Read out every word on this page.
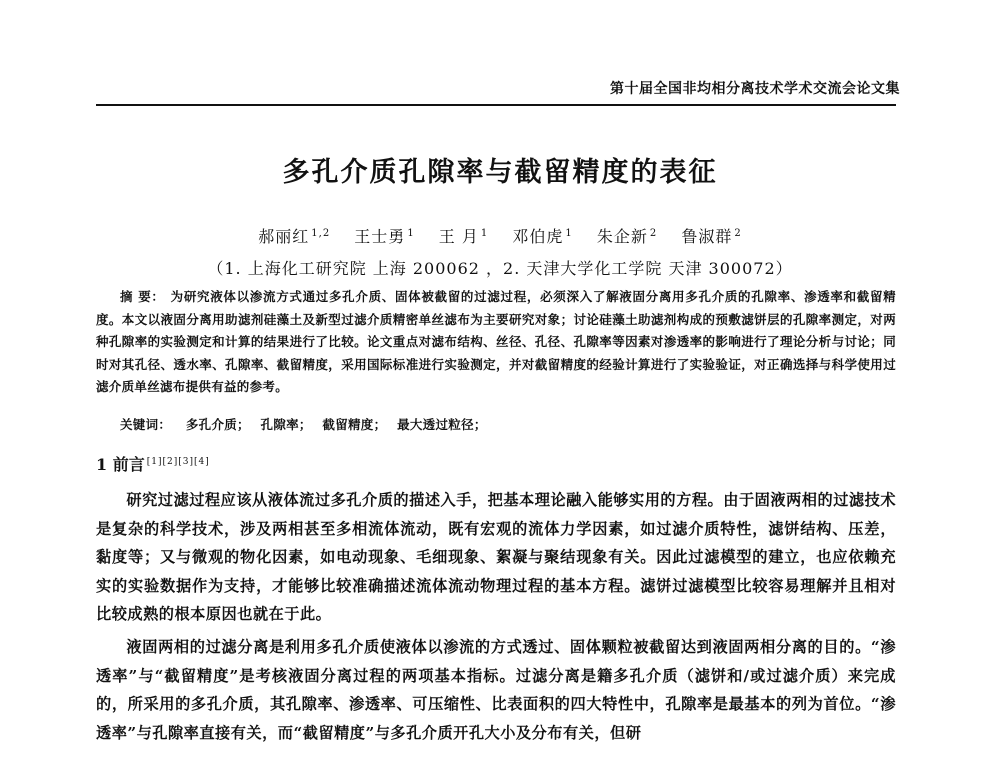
第十届全国非均相分离技术学术交流会论文集
多孔介质孔隙率与截留精度的表征
郝丽红 $^{1,2}$ 王士勇 $^1$ 王 月 $^1$ 邓伯虎 $^1$ 朱企新 $^2$ 鲁淑群 $^2$
（1. 上海化工研究院 上海 200062 ，2. 天津大学化工学院 天津 300072）
摘 要： 为研究液体以渗流方式通过多孔介质、固体被截留的过滤过程，必须深入了解液固分离用多孔介质的孔隙率、渗透率和截留精度。本文以液固分离用助滤剂硅藻土及新型过滤介质精密单丝滤布为主要研究对象；讨论硅藻土助滤剂构成的预敷滤饼层的孔隙率测定，对两种孔隙率的实验测定和计算的结果进行了比较。论文重点对滤布结构、丝径、孔径、孔隙率等因素对渗透率的影响进行了理论分析与讨论；同时对其孔径、透水率、孔隙率、截留精度，采用国际标准进行实验测定，并对截留精度的经验计算进行了实验验证，对正确选择与科学使用过滤介质单丝滤布提供有益的参考。
关键词： 多孔介质； 孔隙率； 截留精度； 最大透过粒径；
1 前言 [1][2][3][4]

研究过滤过程应该从液体流过多孔介质的描述入手，把基本理论融入能够实用的方程。由于固液两相的过滤技术是复杂的科学技术，涉及两相甚至多相流体流动，既有宏观的流体力学因素，如过滤介质特性，滤饼结构、压差，黏度等；又与微观的物化因素，如电动现象、毛细现象、絮凝与聚结现象有关。因此过滤模型的建立，也应依赖充实的实验数据作为支持，才能够比较准确描述流体流动物理过程的基本方程。滤饼过滤模型比较容易理解并且相对比较成熟的根本原因也就在于此。

液固两相的过滤分离是利用多孔介质使液体以渗流的方式透过、固体颗粒被截留达到液固两相分离的目的。“渗透率”与“截留精度”是考核液固分离过程的两项基本指标。过滤分离是籍多孔介质（滤饼和/或过滤介质）来完成的，所采用的多孔介质，其孔隙率、渗透率、可压缩性、比表面积的四大特性中，孔隙率是最基本的列为首位。“渗透率”与孔隙率直接有关，而“截留精度”与多孔介质开孔大小及分布有关，但研
